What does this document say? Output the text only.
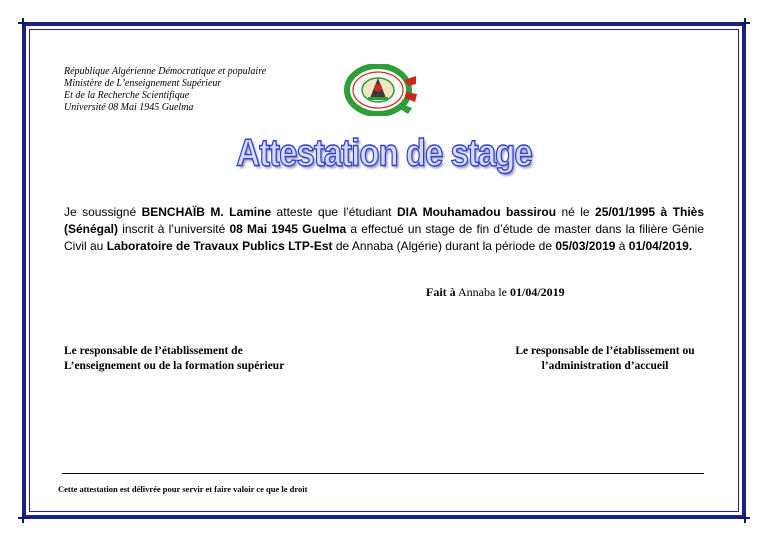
République Algérienne Démocratique et populaire
Ministère de L’enseignement Supérieur
Et de la Recherche Scientifique
Université 08 Mai 1945 Guelma
Attestation de stage
Je soussigné BENCHAÏB M. Lamine atteste que l’étudiant DIA Mouhamadou bassirou né le 25/01/1995 à Thiès (Sénégal) inscrit à l’université 08 Mai 1945 Guelma a effectué un stage de fin d’étude de master dans la filière Génie Civil au Laboratoire de Travaux Publics LTP-Est de Annaba (Algérie) durant la période de 05/03/2019 à 01/04/2019.
Fait à Annaba le 01/04/2019
Le responsable de l’établissement de
L’enseignement ou de la formation supérieur
Le responsable de l’établissement ou
l’administration d’accueil
Cette attestation est délivrée pour servir et faire valoir ce que le droit
